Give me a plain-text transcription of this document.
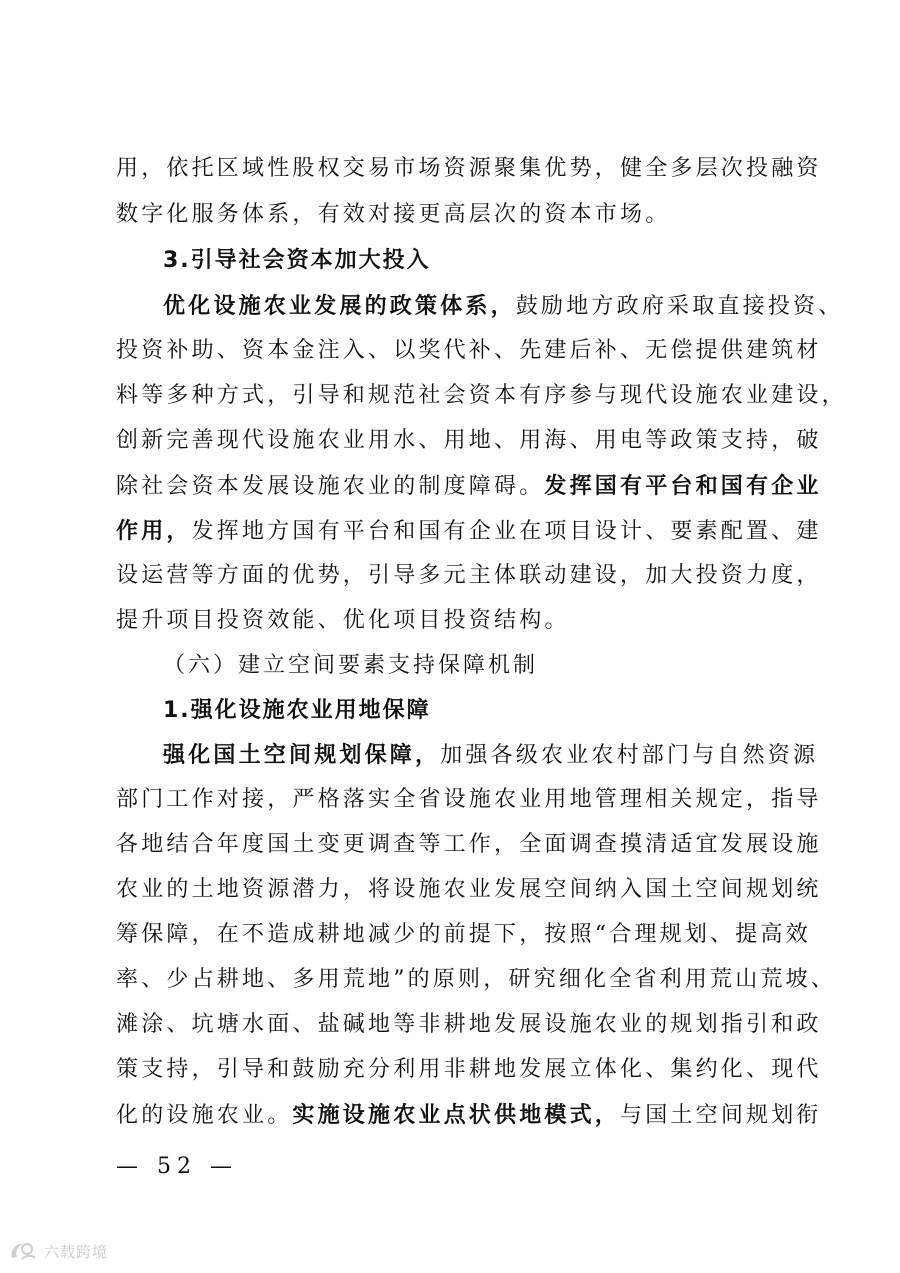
用，依托区域性股权交易市场资源聚集优势，健全多层次投融资
数字化服务体系，有效对接更高层次的资本市场。
3.引导社会资本加大投入
优化设施农业发展的政策体系，鼓励地方政府采取直接投资、
投资补助、资本金注入、以奖代补、先建后补、无偿提供建筑材
料等多种方式，引导和规范社会资本有序参与现代设施农业建设，
创新完善现代设施农业用水、用地、用海、用电等政策支持，破
除社会资本发展设施农业的制度障碍。发挥国有平台和国有企业
作用，发挥地方国有平台和国有企业在项目设计、要素配置、建
设运营等方面的优势，引导多元主体联动建设，加大投资力度，
提升项目投资效能、优化项目投资结构。
（六）建立空间要素支持保障机制
1.强化设施农业用地保障
强化国土空间规划保障，加强各级农业农村部门与自然资源
部门工作对接，严格落实全省设施农业用地管理相关规定，指导
各地结合年度国土变更调查等工作，全面调查摸清适宜发展设施
农业的土地资源潜力，将设施农业发展空间纳入国土空间规划统
筹保障，在不造成耕地减少的前提下，按照“合理规划、提高效
率、少占耕地、多用荒地”的原则，研究细化全省利用荒山荒坡、
滩涂、坑塘水面、盐碱地等非耕地发展设施农业的规划指引和政
策支持，引导和鼓励充分利用非耕地发展立体化、集约化、现代
化的设施农业。实施设施农业点状供地模式，与国土空间规划衔
— 52 —
六载跨境
